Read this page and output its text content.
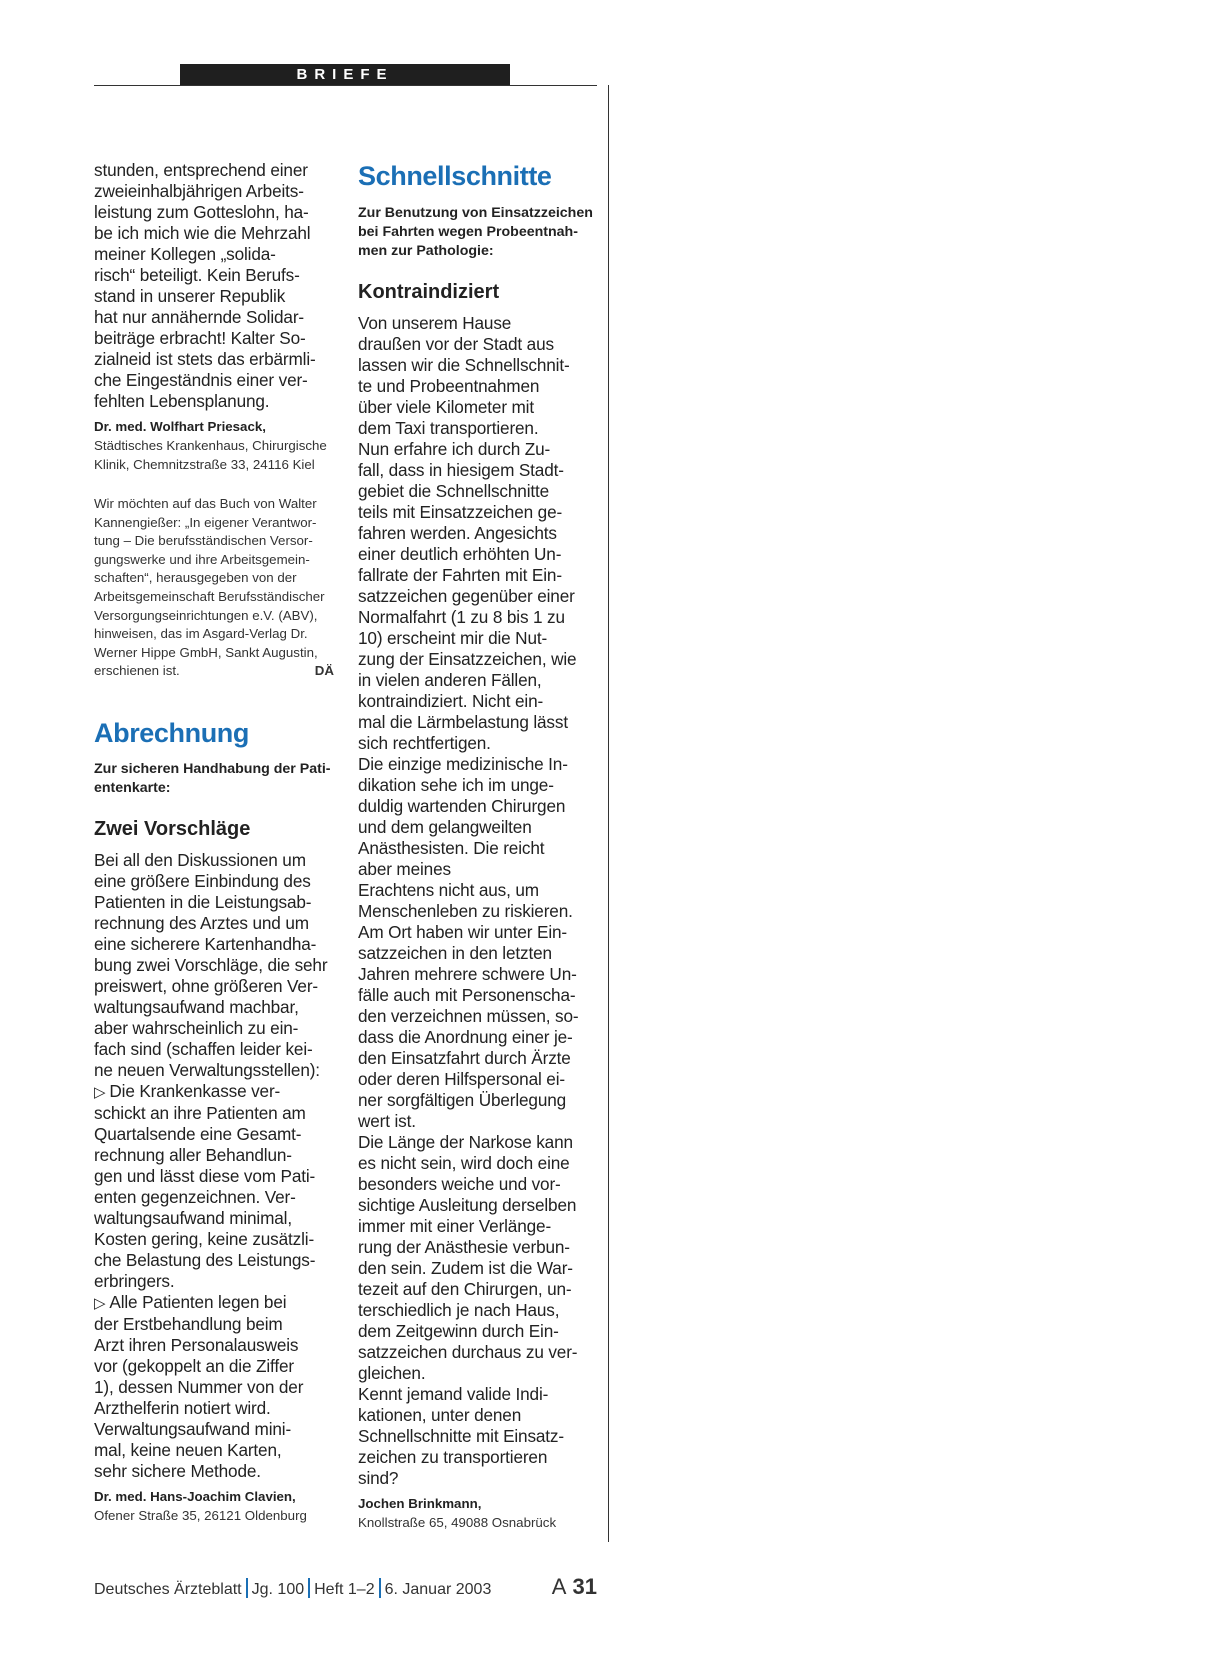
BRIEFE
stunden, entsprechend einer
zweieinhalbjährigen Arbeits-
leistung zum Gotteslohn, ha-
be ich mich wie die Mehrzahl
meiner Kollegen „solida-
risch“ beteiligt. Kein Berufs-
stand in unserer Republik
hat nur annähernde Solidar-
beiträge erbracht! Kalter So-
zialneid ist stets das erbärmli-
che Eingeständnis einer ver-
fehlten Lebensplanung.

Dr. med. Wolfhart Priesack,

Städtisches Krankenhaus, Chirurgische
Klinik, Chemnitzstraße 33, 24116 Kiel
Wir möchten auf das Buch von Walter
Kannengießer: „In eigener Verantwor-
tung – Die berufsständischen Versor-
gungswerke und ihre Arbeitsgemein-
schaften“, herausgegeben von der
Arbeitsgemeinschaft Berufsständischer
Versorgungseinrichtungen e.V. (ABV),
hinweisen, das im Asgard-Verlag Dr.
Werner Hippe GmbH, Sankt Augustin,
erschienen ist.	DÄ
Abrechnung
Zur sicheren Handhabung der Pati-
entenkarte:
Zwei Vorschläge
Bei all den Diskussionen um
eine größere Einbindung des
Patienten in die Leistungsab-
rechnung des Arztes und um
eine sicherere Kartenhandha-
bung zwei Vorschläge, die sehr
preiswert, ohne größeren Ver-
waltungsaufwand machbar,
aber wahrscheinlich zu ein-
fach sind (schaffen leider kei-
ne neuen Verwaltungsstellen):
▷ Die Krankenkasse ver-
schickt an ihre Patienten am
Quartalsende eine Gesamt-
rechnung aller Behandlun-
gen und lässt diese vom Pati-
enten gegenzeichnen. Ver-
waltungsaufwand minimal,
Kosten gering, keine zusätzli-
che Belastung des Leistungs-
erbringers.
▷ Alle Patienten legen bei
der Erstbehandlung beim
Arzt ihren Personalausweis
vor (gekoppelt an die Ziffer
1), dessen Nummer von der
Arzthelferin notiert wird.
Verwaltungsaufwand mini-
mal, keine neuen Karten,
sehr sichere Methode.

Dr. med. Hans-Joachim Clavien,

Ofener Straße 35, 26121 Oldenburg

Schnellschnitte
Zur Benutzung von Einsatzzeichen
bei Fahrten wegen Probeentnah-
men zur Pathologie:
Kontraindiziert
Von unserem Hause
draußen vor der Stadt aus
lassen wir die Schnellschnit-
te und Probeentnahmen
über viele Kilometer mit
dem Taxi transportieren.
Nun erfahre ich durch Zu-
fall, dass in hiesigem Stadt-
gebiet die Schnellschnitte
teils mit Einsatzzeichen ge-
fahren werden. Angesichts
einer deutlich erhöhten Un-
fallrate der Fahrten mit Ein-
satzzeichen gegenüber einer
Normalfahrt (1 zu 8 bis 1 zu
10) erscheint mir die Nut-
zung der Einsatzzeichen, wie
in vielen anderen Fällen,
kontraindiziert. Nicht ein-
mal die Lärmbelastung lässt
sich rechtfertigen.
Die einzige medizinische In-
dikation sehe ich im unge-
duldig wartenden Chirurgen
und dem gelangweilten
Anästhesisten. Die reicht
aber meines
Erachtens nicht aus, um
Menschenleben zu riskieren.
Am Ort haben wir unter Ein-
satzzeichen in den letzten
Jahren mehrere schwere Un-
fälle auch mit Personenscha-
den verzeichnen müssen, so-
dass die Anordnung einer je-
den Einsatzfahrt durch Ärzte
oder deren Hilfspersonal ei-
ner sorgfältigen Überlegung
wert ist.
Die Länge der Narkose kann
es nicht sein, wird doch eine
besonders weiche und vor-
sichtige Ausleitung derselben
immer mit einer Verlänge-
rung der Anästhesie verbun-
den sein. Zudem ist die War-
tezeit auf den Chirurgen, un-
terschiedlich je nach Haus,
dem Zeitgewinn durch Ein-
satzzeichen durchaus zu ver-
gleichen.
Kennt jemand valide Indi-
kationen, unter denen
Schnellschnitte mit Einsatz-
zeichen zu transportieren
sind?

Jochen Brinkmann,

Knollstraße 65, 49088 Osnabrück

Deutsches Ärzteblatt Jg. 100 Heft 1–2 6. Januar 2003	A 31
